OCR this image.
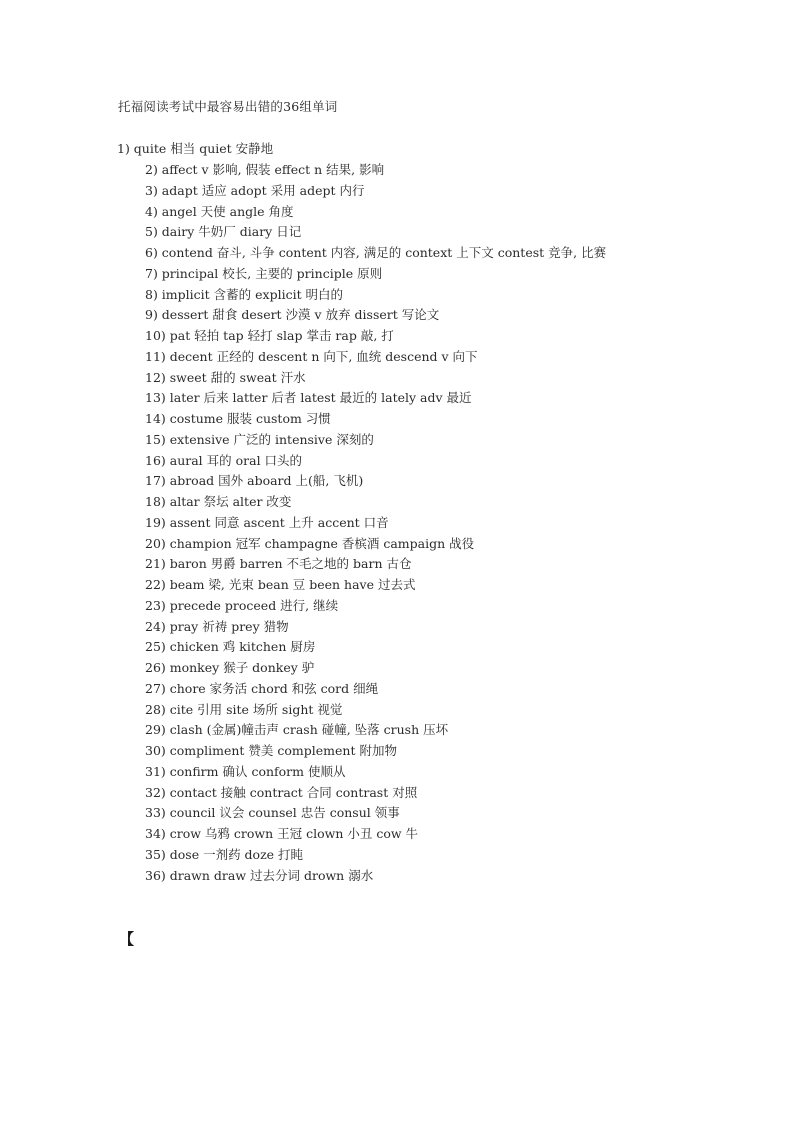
托福阅读考试中最容易出错的36组单词
1) quite 相当 quiet 安静地
2) affect v 影响, 假装 effect n 结果, 影响
3) adapt 适应 adopt 采用 adept 内行
4) angel 天使 angle 角度
5) dairy 牛奶厂 diary 日记
6) contend 奋斗, 斗争 content 内容, 满足的 context 上下文 contest 竞争, 比赛
7) principal 校长, 主要的 principle 原则
8) implicit 含蓄的 explicit 明白的
9) dessert 甜食 desert 沙漠 v 放弃 dissert 写论文
10) pat 轻拍 tap 轻打 slap 掌击 rap 敲, 打
11) decent 正经的 descent n 向下, 血统 descend v 向下
12) sweet 甜的 sweat 汗水
13) later 后来 latter 后者 latest 最近的 lately adv 最近
14) costume 服装 custom 习惯
15) extensive 广泛的 intensive 深刻的
16) aural 耳的 oral 口头的
17) abroad 国外 aboard 上(船, 飞机)
18) altar 祭坛 alter 改变
19) assent 同意 ascent 上升 accent 口音
20) champion 冠军 champagne 香槟酒 campaign 战役
21) baron 男爵 barren 不毛之地的 barn 古仓
22) beam 梁, 光束 bean 豆 been have 过去式
23) precede proceed 进行, 继续
24) pray 祈祷 prey 猎物
25) chicken 鸡 kitchen 厨房
26) monkey 猴子 donkey 驴
27) chore 家务活 chord 和弦 cord 细绳
28) cite 引用 site 场所 sight 视觉
29) clash (金属)幢击声 crash 碰幢, 坠落 crush 压坏
30) compliment 赞美 complement 附加物
31) confirm 确认 conform 使顺从
32) contact 接触 contract 合同 contrast 对照
33) council 议会 counsel 忠告 consul 领事
34) crow 乌鸦 crown 王冠 clown 小丑 cow 牛
35) dose 一剂药 doze 打盹
36) drawn draw 过去分词 drown 溺水
【
